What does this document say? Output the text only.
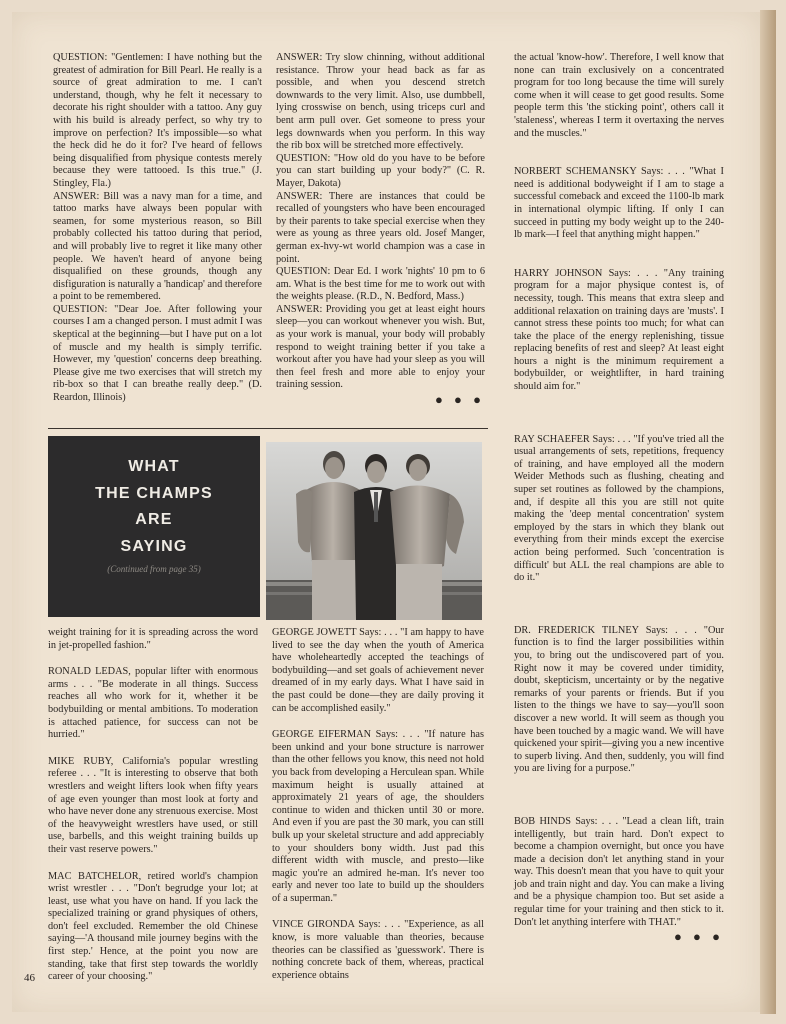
QUESTION: "Gentlemen: I have nothing but the greatest of admiration for Bill Pearl. He really is a source of great admiration to me. I can't understand, though, why he felt it necessary to decorate his right shoulder with a tattoo. Any guy with his build is already perfect, so why try to improve on perfection? It's impossible—so what the heck did he do it for? I've heard of fellows being disqualified from physique contests merely because they were tattooed. Is this true." (J. Stingley, Fla.)

ANSWER: Bill was a navy man for a time, and tattoo marks have always been popular with seamen, for some mysterious reason, so Bill probably collected his tattoo during that period, and will probably live to regret it like many other people. We haven't heard of anyone being disqualified on these grounds, though any disfiguration is naturally a 'handicap' and therefore a point to be remembered.

QUESTION: "Dear Joe. After following your courses I am a changed person. I must admit I was skeptical at the beginning—but I have put on a lot of muscle and my health is simply terrific. However, my 'question' concerns deep breathing. Please give me two exercises that will stretch my rib-box so that I can breathe really deep." (D. Reardon, Illinois)

ANSWER: Try slow chinning, without additional resistance. Throw your head back as far as possible, and when you descend stretch downwards to the very limit. Also, use dumbbell, lying crosswise on bench, using triceps curl and bent arm pull over. Get someone to press your legs downwards when you perform. In this way the rib box will be stretched more effectively.

QUESTION: "How old do you have to be before you can start building up your body?" (C. R. Mayer, Dakota)

ANSWER: There are instances that could be recalled of youngsters who have been encouraged by their parents to take special exercise when they were as young as three years old. Josef Manger, german ex-hvy-wt world champion was a case in point.

QUESTION: Dear Ed. I work 'nights' 10 pm to 6 am. What is the best time for me to work out with the weights please. (R.D., N. Bedford, Mass.)

ANSWER: Providing you get at least eight hours sleep—you can workout whenever you wish. But, as your work is manual, your body will probably respond to weight training better if you take a workout after you have had your sleep as you will then feel fresh and more able to enjoy your training session.

● ● ●
WHAT
THE CHAMPS
ARE
SAYING
(Continued from page 35)

weight training for it is spreading across the word in jet-propelled fashion."

RONALD LEDAS, popular lifter with enormous arms . . . "Be moderate in all things. Success reaches all who work for it, whether it be bodybuilding or mental ambitions. To moderation is attached patience, for success can not be hurried."

MIKE RUBY, California's popular wrestling referee . . . "It is interesting to observe that both wrestlers and weight lifters look when fifty years of age even younger than most look at forty and who have never done any strenuous exercise. Most of the heavyweight wrestlers have used, or still use, barbells, and this weight training builds up their vast reserve powers."

MAC BATCHELOR, retired world's champion wrist wrestler . . . "Don't begrudge your lot; at least, use what you have on hand. If you lack the specialized training or grand physiques of others, don't feel excluded. Remember the old Chinese saying—'A thousand mile journey begins with the first step.' Hence, at the point you now are standing, take that first step towards the worldly career of your choosing."

GEORGE JOWETT Says: . . . "I am happy to have lived to see the day when the youth of America have wholeheartedly accepted the teachings of bodybuilding—and set goals of achievement never dreamed of in my early days. What I have said in the past could be done—they are daily proving it can be accomplished easily."

GEORGE EIFERMAN Says: . . . "If nature has been unkind and your bone structure is narrower than the other fellows you know, this need not hold you back from developing a Herculean span. While maximum height is usually attained at approximately 21 years of age, the shoulders continue to widen and thicken until 30 or more. And even if you are past the 30 mark, you can still bulk up your skeletal structure and add appreciably to your shoulders bony width. Just pad this different width with muscle, and presto—like magic you're an admired he-man. It's never too early and never too late to build up the shoulders of a superman."

VINCE GIRONDA Says: . . . "Experience, as all know, is more valuable than theories, because theories can be classified as 'guesswork'. There is nothing concrete back of them, whereas, practical experience obtains

the actual 'know-how'. Therefore, I well know that none can train exclusively on a concentrated program for too long because the time will surely come when it will cease to get good results. Some people term this 'the sticking point', others call it 'staleness', whereas I term it overtaxing the nerves and the muscles."

NORBERT SCHEMANSKY Says: . . . "What I need is additional bodyweight if I am to stage a successful comeback and exceed the 1100-lb mark in international olympic lifting. If only I can succeed in putting my body weight up to the 240-lb mark—I feel that anything might happen."

HARRY JOHNSON Says: . . . "Any training program for a major physique contest is, of necessity, tough. This means that extra sleep and additional relaxation on training days are 'musts'. I cannot stress these points too much; for what can take the place of the energy replenishing, tissue replacing benefits of rest and sleep? At least eight hours a night is the minimum requirement a bodybuilder, or weightlifter, in hard training should aim for."

RAY SCHAEFER Says: . . . "If you've tried all the usual arrangements of sets, repetitions, frequency of training, and have employed all the modern Weider Methods such as flushing, cheating and super set routines as followed by the champions, and, if despite all this you are still not quite making the 'deep mental concentration' system employed by the stars in which they blank out everything from their minds except the exercise action being performed. Such 'concentration is difficult' but ALL the real champions are able to do it."

DR. FREDERICK TILNEY Says: . . . "Our function is to find the larger possibilities within you, to bring out the undiscovered part of you. Right now it may be covered under timidity, doubt, skepticism, uncertainty or by the negative remarks of your parents or friends. But if you listen to the things we have to say—you'll soon discover a new world. It will seem as though you have been touched by a magic wand. We will have quickened your spirit—giving you a new incentive to superb living. And then, suddenly, you will find you are living for a purpose."

BOB HINDS Says: . . . "Lead a clean lift, train intelligently, but train hard. Don't expect to become a champion overnight, but once you have made a decision don't let anything stand in your way. This doesn't mean that you have to quit your job and train night and day. You can make a living and be a physique champion too. But set aside a regular time for your training and then stick to it. Don't let anything interfere with THAT."

● ● ●
46
